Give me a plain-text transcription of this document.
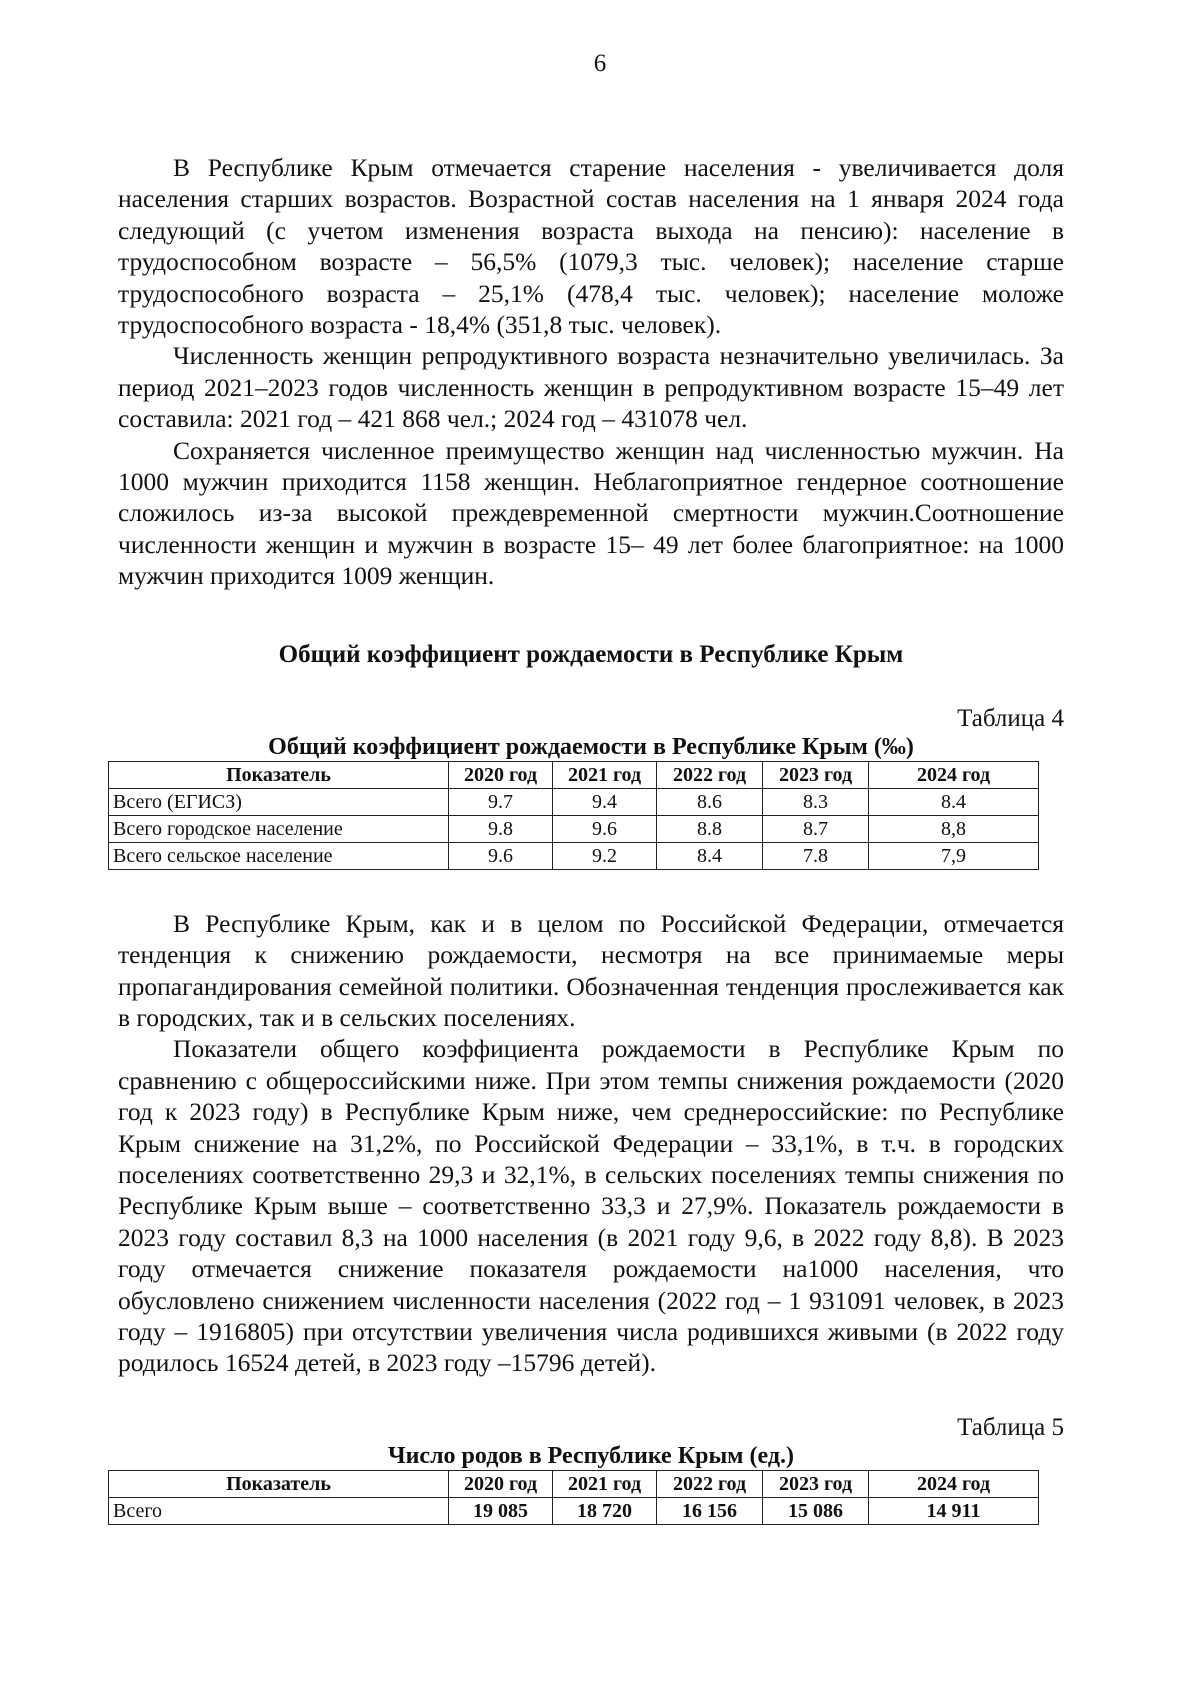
6

В Республике Крым отмечается старение населения - увеличивается доля населения старших возрастов. Возрастной состав населения на 1 января 2024 года следующий (с учетом изменения возраста выхода на пенсию): население в трудоспособном возрасте – 56,5% (1079,3 тыс. человек); население старше трудоспособного возраста – 25,1% (478,4 тыс. человек); население моложе трудоспособного возраста - 18,4% (351,8 тыс. человек).

Численность женщин репродуктивного возраста незначительно увеличилась. За период 2021–2023 годов численность женщин в репродуктивном возрасте 15–49 лет составила: 2021 год – 421 868 чел.; 2024 год – 431078 чел.

Сохраняется численное преимущество женщин над численностью мужчин. На 1000 мужчин приходится 1158 женщин. Неблагоприятное гендерное соотношение сложилось из-за высокой преждевременной смертности мужчин.Соотношение численности женщин и мужчин в возрасте 15– 49 лет более благоприятное: на 1000 мужчин приходится 1009 женщин.

Общий коэффициент рождаемости в Республике Крым
Таблица 4
Общий коэффициент рождаемости в Республике Крым (‰)
Показатель	2020 год	2021 год	2022 год	2023 год	2024 год
Всего (ЕГИСЗ)	9.7	9.4	8.6	8.3	8.4
Всего городское население	9.8	9.6	8.8	8.7	8,8
Всего сельское население	9.6	9.2	8.4	7.8	7,9

В Республике Крым, как и в целом по Российской Федерации, отмечается тенденция к снижению рождаемости, несмотря на все принимаемые меры пропагандирования семейной политики. Обозначенная тенденция прослеживается как в городских, так и в сельских поселениях.

Показатели общего коэффициента рождаемости в Республике Крым по сравнению с общероссийскими ниже. При этом темпы снижения рождаемости (2020 год к 2023 году) в Республике Крым ниже, чем среднероссийские: по Республике Крым снижение на 31,2%, по Российской Федерации – 33,1%, в т.ч. в городских поселениях соответственно 29,3 и 32,1%, в сельских поселениях темпы снижения по Республике Крым выше – соответственно 33,3 и 27,9%. Показатель рождаемости в 2023 году составил 8,3 на 1000 населения (в 2021 году 9,6, в 2022 году 8,8). В 2023 году отмечается снижение показателя рождаемости на1000 населения, что обусловлено снижением численности населения (2022 год – 1 931091 человек, в 2023 году – 1916805) при отсутствии увеличения числа родившихся живыми (в 2022 году родилось 16524 детей, в 2023 году –15796 детей).

Таблица 5
Число родов в Республике Крым (ед.)
Показатель	2020 год	2021 год	2022 год	2023 год	2024 год
Всего	19 085	18 720	16 156	15 086	14 911
